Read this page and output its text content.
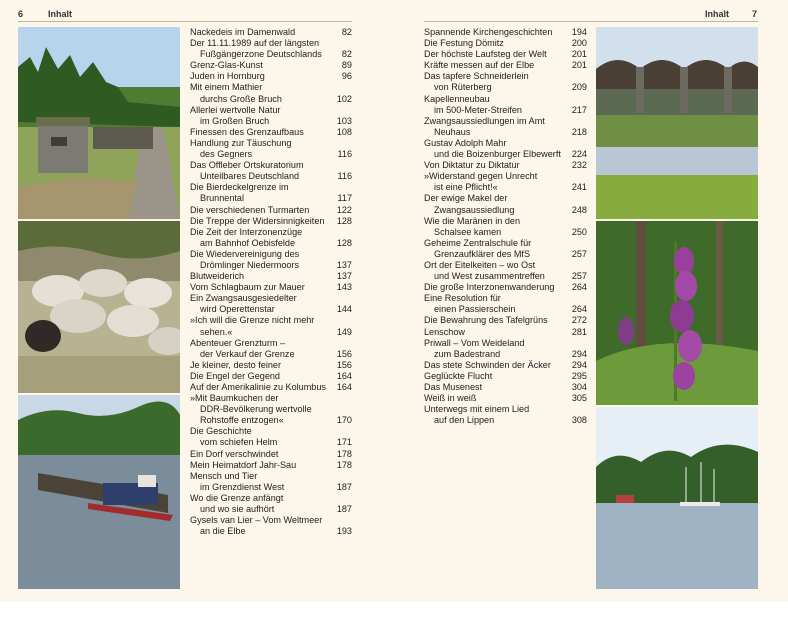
6	Inhalt	Inhalt	7
Nackedeis im Damenwald	82
Der 11.11.1989 auf der längsten
Fußgängerzone Deutschlands	82
Grenz-Glas-Kunst	89
Juden in Hornburg	96
Mit einem Mathier
durchs Große Bruch	102
Allerlei wertvolle Natur
im Großen Bruch	103
Finessen des Grenzaufbaus	108
Handlung zur Täuschung
des Gegners	116
Das Offleber Ortskuratorium
Unteilbares Deutschland	116
Die Bierdeckelgrenze im
Brunnental	117
Die verschiedenen Turmarten	122
Die Treppe der Widersinnigkeiten	128
Die Zeit der Interzonenzüge
am Bahnhof Oebisfelde	128
Die Wiedervereinigung des
Drömlinger Niedermoors	137
Blutweiderich	137
Vom Schlagbaum zur Mauer	143
Ein Zwangsausgesiedelter
wird Operettenstar	144
»Ich will die Grenze nicht mehr
sehen.«	149
Abenteuer Grenzturm –
der Verkauf der Grenze	156
Je kleiner, desto feiner	156
Die Engel der Gegend	164
Auf der Amerikalinie zu Kolumbus	164
»Mit Baumkuchen der
DDR-Bevölkerung wertvolle
Rohstoffe entzogen«	170
Die Geschichte
vom schiefen Helm	171
Ein Dorf verschwindet	178
Mein Heimatdorf Jahr-Sau	178
Mensch und Tier
im Grenzdienst West	187
Wo die Grenze anfängt
und wo sie aufhört	187
Gysels van Lier – Vom Weltmeer
an die Elbe	193
Spannende Kirchengeschichten	194
Die Festung Dömitz	200
Der höchste Laufsteg der Welt	201
Kräfte messen auf der Elbe	201
Das tapfere Schneiderlein
von Rüterberg	209
Kapellenneubau
im 500-Meter-Streifen	217
Zwangsaussiedlungen im Amt
Neuhaus	218
Gustav Adolph Mahr
und die Boizenburger Elbewerft	224
Von Diktatur zu Diktatur	232
»Widerstand gegen Unrecht
ist eine Pflicht!«	241
Der ewige Makel der
Zwangsaussiedlung	248
Wie die Maränen in den
Schalsee kamen	250
Geheime Zentralschule für
Grenzaufklärer des MfS	257
Ort der Eitelkeiten – wo Ost
und West zusammentreffen	257
Die große Interzonenwanderung	264
Eine Resolution für
einen Passierschein	264
Die Bewahrung des Tafelgrüns	272
Lenschow	281
Priwall – Vom Weideland
zum Badestrand	294
Das stete Schwinden der Äcker	294
Geglückte Flucht	295
Das Musenest	304
Weiß in weiß	305
Unterwegs mit einem Lied
auf den Lippen	308
